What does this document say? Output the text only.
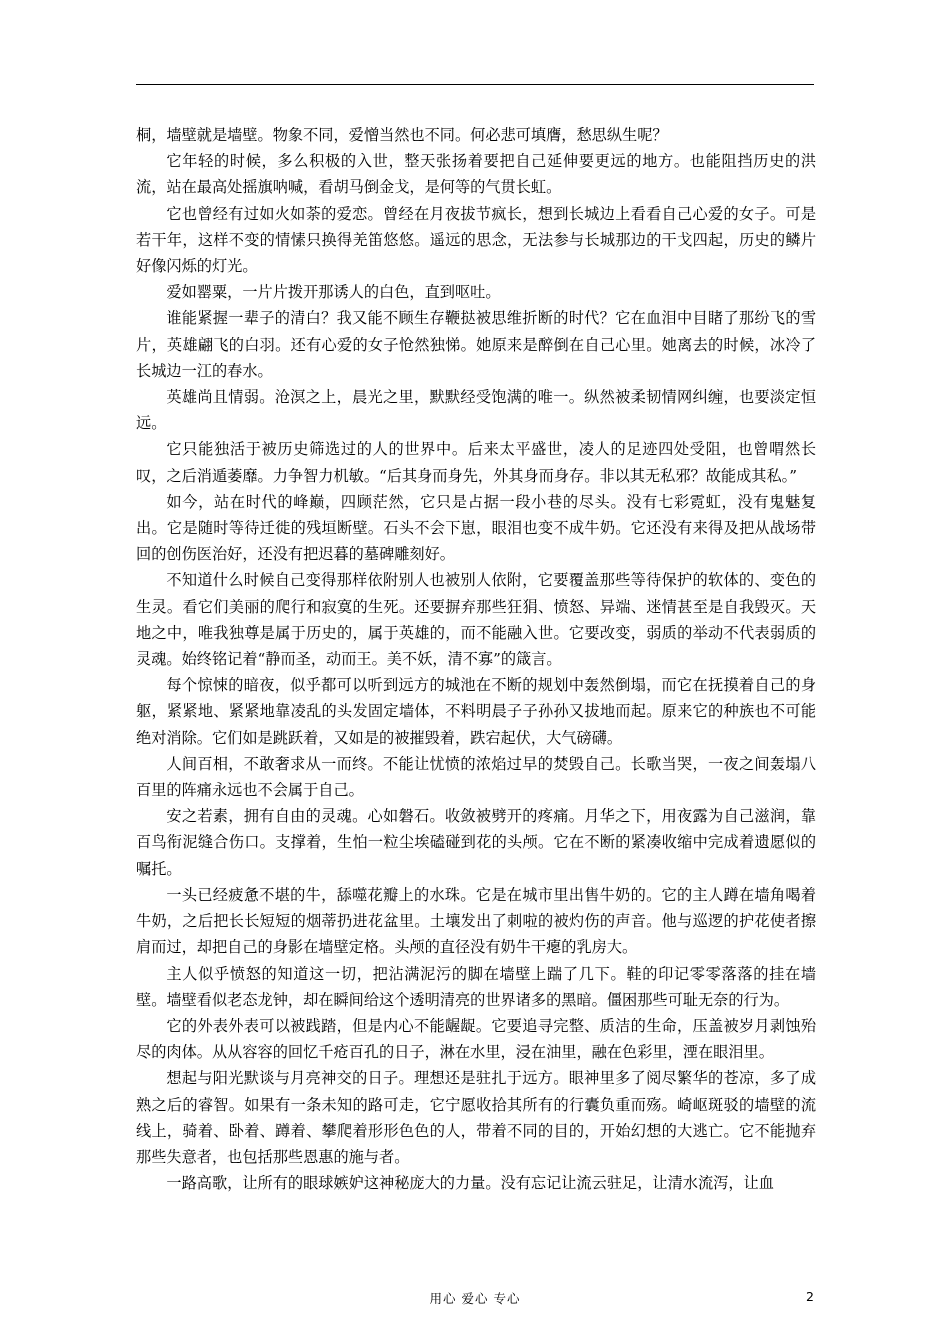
桐，墙壁就是墙壁。物象不同，爱憎当然也不同。何必悲可填膺，愁思纵生呢？

它年轻的时候，多么积极的入世，整天张扬着要把自己延伸要更远的地方。也能阻挡历史的洪流，站在最高处摇旗呐喊，看胡马倒金戈，是何等的气贯长虹。

它也曾经有过如火如荼的爱恋。曾经在月夜拔节疯长，想到长城边上看看自己心爱的女子。可是若干年，这样不变的情愫只换得羌笛悠悠。遥远的思念，无法参与长城那边的干戈四起，历史的鳞片好像闪烁的灯光。

爱如罂粟，一片片拨开那诱人的白色，直到呕吐。

谁能紧握一辈子的清白？我又能不顾生存鞭挞被思维折断的时代？它在血泪中目睹了那纷飞的雪片，英雄翩飞的白羽。还有心爱的女子怆然独悌。她原来是醉倒在自己心里。她离去的时候，冰冷了长城边一江的春水。

英雄尚且情弱。沧溟之上，晨光之里，默默经受饱满的唯一。纵然被柔韧情网纠缠，也要淡定恒远。

它只能独活于被历史筛选过的人的世界中。后来太平盛世，凌人的足迹四处受阻，也曾喟然长叹，之后消遁萎靡。力争智力机敏。“后其身而身先，外其身而身存。非以其无私邪？故能成其私。”

如今，站在时代的峰巅，四顾茫然，它只是占据一段小巷的尽头。没有七彩霓虹，没有鬼魅复出。它是随时等待迁徙的残垣断壁。石头不会下崽，眼泪也变不成牛奶。它还没有来得及把从战场带回的创伤医治好，还没有把迟暮的墓碑雕刻好。

不知道什么时候自己变得那样依附别人也被别人依附，它要覆盖那些等待保护的软体的、变色的生灵。看它们美丽的爬行和寂寞的生死。还要摒弃那些狂狷、愤怒、异端、迷情甚至是自我毁灭。天地之中，唯我独尊是属于历史的，属于英雄的，而不能融入世。它要改变，弱质的举动不代表弱质的灵魂。始终铭记着“静而圣，动而王。美不妖，清不寡”的箴言。

每个惊悚的暗夜，似乎都可以听到远方的城池在不断的规划中轰然倒塌，而它在抚摸着自己的身躯，紧紧地、紧紧地靠凌乱的头发固定墙体，不料明晨子子孙孙又拔地而起。原来它的种族也不可能绝对消除。它们如是跳跃着，又如是的被摧毁着，跌宕起伏，大气磅礴。

人间百相，不敢奢求从一而终。不能让忧愤的浓焰过早的焚毁自己。长歌当哭，一夜之间轰塌八百里的阵痛永远也不会属于自己。

安之若素，拥有自由的灵魂。心如磐石。收敛被劈开的疼痛。月华之下，用夜露为自己滋润，靠百鸟衔泥缝合伤口。支撑着，生怕一粒尘埃磕碰到花的头颅。它在不断的紧凑收缩中完成着遗愿似的嘱托。

一头已经疲惫不堪的牛，舔噬花瓣上的水珠。它是在城市里出售牛奶的。它的主人蹲在墙角喝着牛奶，之后把长长短短的烟蒂扔进花盆里。土壤发出了刺啦的被灼伤的声音。他与巡逻的护花使者擦肩而过，却把自己的身影在墙壁定格。头颅的直径没有奶牛干瘪的乳房大。

主人似乎愤怒的知道这一切，把沾满泥污的脚在墙壁上踹了几下。鞋的印记零零落落的挂在墙壁。墙壁看似老态龙钟，却在瞬间给这个透明清亮的世界诸多的黑暗。僵困那些可耻无奈的行为。

它的外表外表可以被践踏，但是内心不能龌龊。它要追寻完整、质洁的生命，压盖被岁月剥蚀殆尽的肉体。从从容容的回忆千疮百孔的日子，淋在水里，浸在油里，融在色彩里，湮在眼泪里。

想起与阳光默谈与月亮神交的日子。理想还是驻扎于远方。眼神里多了阅尽繁华的苍凉，多了成熟之后的睿智。如果有一条未知的路可走，它宁愿收拾其所有的行囊负重而殇。崎岖斑驳的墙壁的流线上，骑着、卧着、蹲着、攀爬着形形色色的人，带着不同的目的，开始幻想的大逃亡。它不能抛弃那些失意者，也包括那些恩惠的施与者。

一路高歌，让所有的眼球嫉妒这神秘庞大的力量。没有忘记让流云驻足，让清水流泻，让血

用心 爱心 专心	2
